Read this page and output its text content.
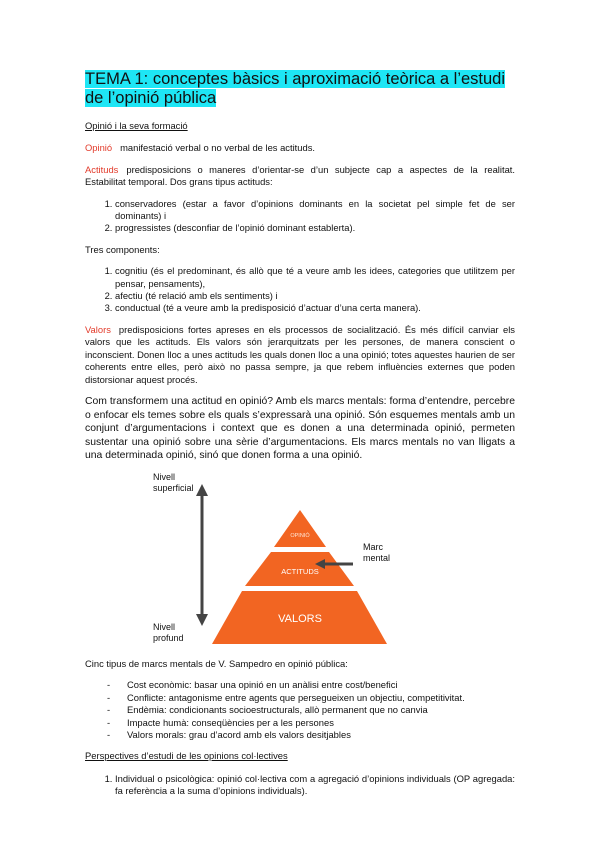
TEMA 1: conceptes bàsics i aproximació teòrica a l’estudi de l’opinió pública
Opinió i la seva formació

Opinió manifestació verbal o no verbal de les actituds.

Actituds predisposicions o maneres d’orientar-se d’un subjecte cap a aspectes de la realitat. Estabilitat temporal. Dos grans tipus actituds:

1. conservadores (estar a favor d’opinions dominants en la societat pel simple fet de ser dominants) i
2. progressistes (desconfiar de l’opinió dominant establerta).

Tres components:

1. cognitiu (és el predominant, és allò que té a veure amb les idees, categories que utilitzem per pensar, pensaments),
2. afectiu (té relació amb els sentiments) i
3. conductual (té a veure amb la predisposició d’actuar d’una certa manera).

Valors predisposicions fortes apreses en els processos de socialització. És més difícil canviar els valors que les actituds. Els valors són jerarquitzats per les persones, de manera conscient o inconscient. Donen lloc a unes actituds les quals donen lloc a una opinió; totes aquestes haurien de ser coherents entre elles, però això no passa sempre, ja que rebem influències externes que poden distorsionar aquest procés.

Com transformem una actitud en opinió? Amb els marcs mentals: forma d’entendre, percebre o enfocar els temes sobre els quals s’expressarà una opinió. Són esquemes mentals amb un conjunt d’argumentacions i context que es donen a una determinada opinió, permeten sustentar una opinió sobre una sèrie d’argumentacions. Els marcs mentals no van lligats a una determinada opinió, sinó que donen forma a una opinió.

Nivell superficial
Nivell profund
OPINIÓ
ACTITUDS
VALORS
Marc mental

Cinc tipus de marcs mentals de V. Sampedro en opinió pública:

- Cost econòmic: basar una opinió en un anàlisi entre cost/benefici
- Conflicte: antagonisme entre agents que persegueixen un objectiu, competitivitat.
- Endèmia: condicionants socioestructurals, allò permanent que no canvia
- Impacte humà: conseqüències per a les persones
- Valors morals: grau d’acord amb els valors desitjables
Perspectives d’estudi de les opinions col·lectives
1. Individual o psicològica: opinió col·lectiva com a agregació d’opinions individuals (OP agregada: fa referència a la suma d’opinions individuals).
